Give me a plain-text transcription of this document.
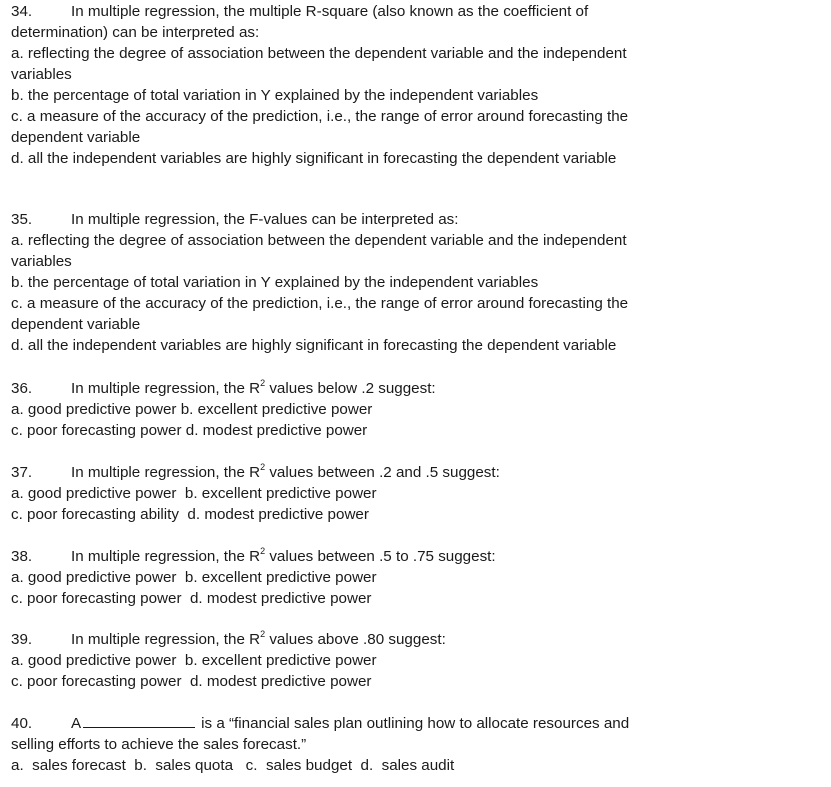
34.	In multiple regression, the multiple R-square (also known as the coefficient of
determination) can be interpreted as:
a. reflecting the degree of association between the dependent variable and the independent
variables
b. the percentage of total variation in Y explained by the independent variables
c. a measure of the accuracy of the prediction, i.e., the range of error around forecasting the
dependent variable
d. all the independent variables are highly significant in forecasting the dependent variable
35.	In multiple regression, the F-values can be interpreted as:
a. reflecting the degree of association between the dependent variable and the independent
variables
b. the percentage of total variation in Y explained by the independent variables
c. a measure of the accuracy of the prediction, i.e., the range of error around forecasting the
dependent variable
d. all the independent variables are highly significant in forecasting the dependent variable
36.	In multiple regression, the $R^2$ values below .2 suggest:
a. good predictive power b. excellent predictive power
c. poor forecasting power d. modest predictive power
37.	In multiple regression, the $R^2$ values between .2 and .5 suggest:
a. good predictive power  b. excellent predictive power
c. poor forecasting ability  d. modest predictive power
38.	In multiple regression, the $R^2$ values between .5 to .75 suggest:
a. good predictive power  b. excellent predictive power
c. poor forecasting power  d. modest predictive power
39.	In multiple regression, the $R^2$ values above .80 suggest:
a. good predictive power  b. excellent predictive power
c. poor forecasting power  d. modest predictive power
40.	A	is a “financial sales plan outlining how to allocate resources and
selling efforts to achieve the sales forecast.”
a.  sales forecast  b.  sales quota   c.  sales budget  d.  sales audit
